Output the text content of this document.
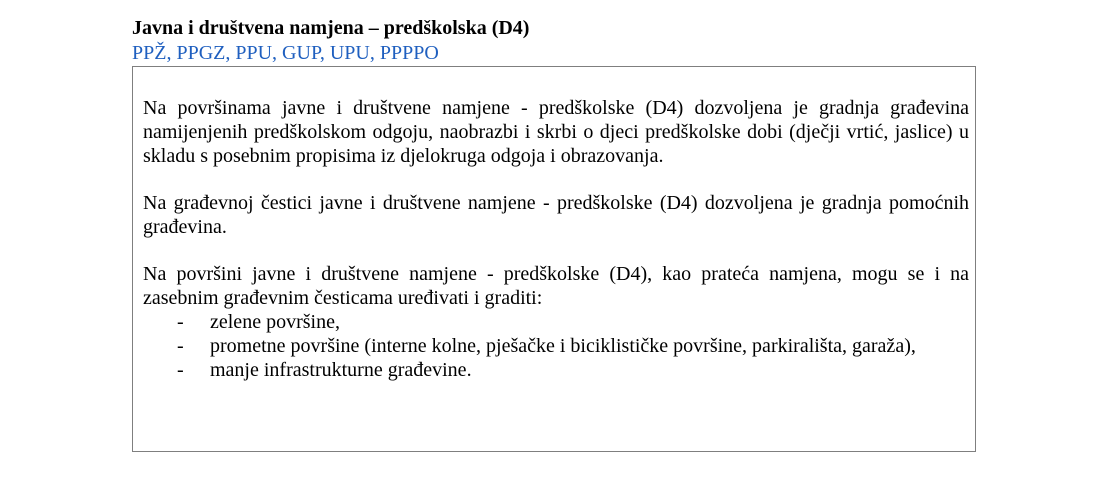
Javna i društvena namjena – predškolska (D4)
PPŽ, PPGZ, PPU, GUP, UPU, PPPPO

Na površinama javne i društvene namjene - predškolske (D4) dozvoljena je gradnja građevina namijenjenih predškolskom odgoju, naobrazbi i skrbi o djeci predškolske dobi (dječji vrtić, jaslice) u skladu s posebnim propisima iz djelokruga odgoja i obrazovanja.

Na građevnoj čestici javne i društvene namjene - predškolske (D4) dozvoljena je gradnja pomoćnih građevina.

Na površini javne i društvene namjene - predškolske (D4), kao prateća namjena, mogu se i na zasebnim građevnim česticama uređivati i graditi:

- zelene površine,
- prometne površine (interne kolne, pješačke i biciklističke površine, parkirališta, garaža),
- manje infrastrukturne građevine.
